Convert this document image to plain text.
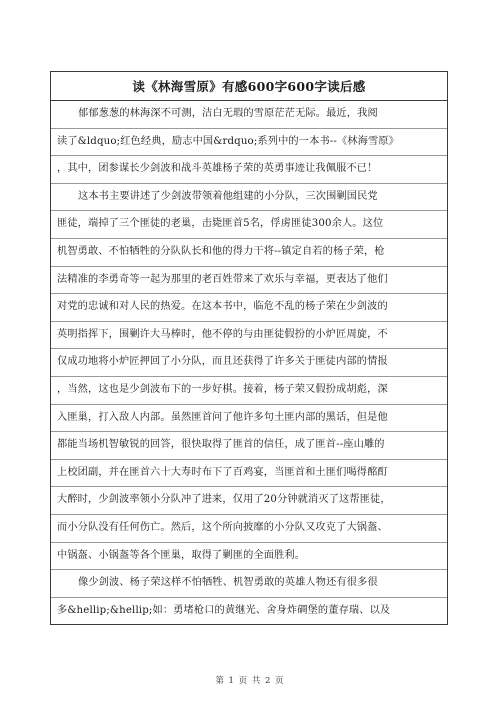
读《林海雪原》有感600字600字读后感
郁郁葱葱的林海深不可测，洁白无瑕的雪原茫茫无际。最近，我阅
读了&ldquo;红色经典，励志中国&rdquo;系列中的一本书--《林海雪原》
，其中，团参谋长少剑波和战斗英雄杨子荣的英勇事迹让我佩服不已！
这本书主要讲述了少剑波带领着他组建的小分队，三次围剿国民党
匪徒，端掉了三个匪徒的老巢，击毙匪首5名，俘虏匪徒300余人。这位
机智勇敢、不怕牺牲的分队队长和他的得力干将--镇定自若的杨子荣，枪
法精准的李勇奇等一起为那里的老百姓带来了欢乐与幸福，更表达了他们
对党的忠诚和对人民的热爱。在这本书中，临危不乱的杨子荣在少剑波的
英明指挥下，围剿许大马棒时，他不停的与由匪徒假扮的小炉匠周旋，不
仅成功地将小炉匠押回了小分队，而且还获得了许多关于匪徒内部的情报
，当然，这也是少剑波布下的一步好棋。接着，杨子荣又假扮成胡彪，深
入匪巢，打入敌人内部。虽然匪首问了他许多句土匪内部的黑话，但是他
都能当场机智敏锐的回答，很快取得了匪首的信任，成了匪首--座山雕的
上校团副，并在匪首六十大寿时布下了百鸡宴，当匪首和土匪们喝得酩酊
大醉时，少剑波率领小分队冲了进来，仅用了20分钟就消灭了这帮匪徒，
而小分队没有任何伤亡。然后，这个所向披靡的小分队又攻克了大锅盔、
中锅盔、小锅盔等各个匪巢，取得了剿匪的全面胜利。
像少剑波、杨子荣这样不怕牺牲、机智勇敢的英雄人物还有很多很
多&hellip;&hellip;如：勇堵枪口的黄继光、舍身炸碉堡的董存瑞、以及
第 1 页 共 2 页
